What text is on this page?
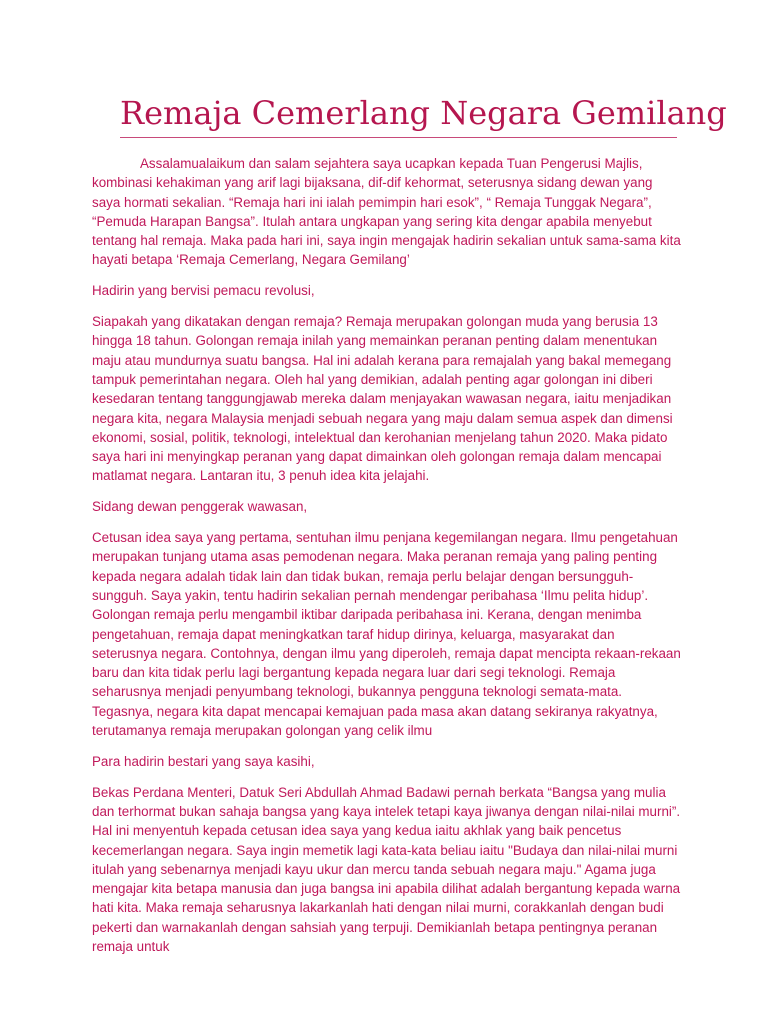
Remaja Cemerlang Negara Gemilang

Assalamualaikum dan salam sejahtera saya ucapkan kepada Tuan Pengerusi Majlis, kombinasi kehakiman yang arif lagi bijaksana, dif-dif kehormat, seterusnya sidang dewan yang saya hormati sekalian. “Remaja hari ini ialah pemimpin hari esok”, “ Remaja Tunggak Negara”, “Pemuda Harapan Bangsa”. Itulah antara ungkapan yang sering kita dengar apabila menyebut tentang hal remaja. Maka pada hari ini, saya ingin mengajak hadirin sekalian untuk sama-sama kita hayati betapa ‘Remaja Cemerlang, Negara Gemilang’

Hadirin yang bervisi pemacu revolusi,

Siapakah yang dikatakan dengan remaja? Remaja merupakan golongan muda yang berusia 13 hingga 18 tahun. Golongan remaja inilah yang memainkan peranan penting dalam menentukan maju atau mundurnya suatu bangsa. Hal ini adalah kerana para remajalah yang bakal memegang tampuk pemerintahan negara. Oleh hal yang demikian, adalah penting agar golongan ini diberi kesedaran tentang tanggungjawab mereka dalam menjayakan wawasan negara, iaitu menjadikan negara kita, negara Malaysia menjadi sebuah negara yang maju dalam semua aspek dan dimensi ekonomi, sosial, politik, teknologi, intelektual dan kerohanian menjelang tahun 2020. Maka pidato saya hari ini menyingkap peranan yang dapat dimainkan oleh golongan remaja dalam mencapai matlamat negara. Lantaran itu, 3 penuh idea kita jelajahi.

Sidang dewan penggerak wawasan,

Cetusan idea saya yang pertama, sentuhan ilmu penjana kegemilangan negara. Ilmu pengetahuan merupakan tunjang utama asas pemodenan negara. Maka peranan remaja yang paling penting kepada negara adalah tidak lain dan tidak bukan, remaja perlu belajar dengan bersungguh-sungguh. Saya yakin, tentu hadirin sekalian pernah mendengar peribahasa ‘Ilmu pelita hidup’. Golongan remaja perlu mengambil iktibar daripada peribahasa ini. Kerana, dengan menimba pengetahuan, remaja dapat meningkatkan taraf hidup dirinya, keluarga, masyarakat dan seterusnya negara. Contohnya, dengan ilmu yang diperoleh, remaja dapat mencipta rekaan-rekaan baru dan kita tidak perlu lagi bergantung kepada negara luar dari segi teknologi. Remaja seharusnya menjadi penyumbang teknologi, bukannya pengguna teknologi semata-mata. Tegasnya, negara kita dapat mencapai kemajuan pada masa akan datang sekiranya rakyatnya, terutamanya remaja merupakan golongan yang celik ilmu

Para hadirin bestari yang saya kasihi,

Bekas Perdana Menteri, Datuk Seri Abdullah Ahmad Badawi pernah berkata “Bangsa yang mulia dan terhormat bukan sahaja bangsa yang kaya intelek tetapi kaya jiwanya dengan nilai-nilai murni”. Hal ini menyentuh kepada cetusan idea saya yang kedua iaitu akhlak yang baik pencetus kecemerlangan negara. Saya ingin memetik lagi kata-kata beliau iaitu "Budaya dan nilai-nilai murni itulah yang sebenarnya menjadi kayu ukur dan mercu tanda sebuah negara maju." Agama juga mengajar kita betapa manusia dan juga bangsa ini apabila dilihat adalah bergantung kepada warna hati kita. Maka remaja seharusnya lakarkanlah hati dengan nilai murni, corakkanlah dengan budi pekerti dan warnakanlah dengan sahsiah yang terpuji. Demikianlah betapa pentingnya peranan remaja untuk
